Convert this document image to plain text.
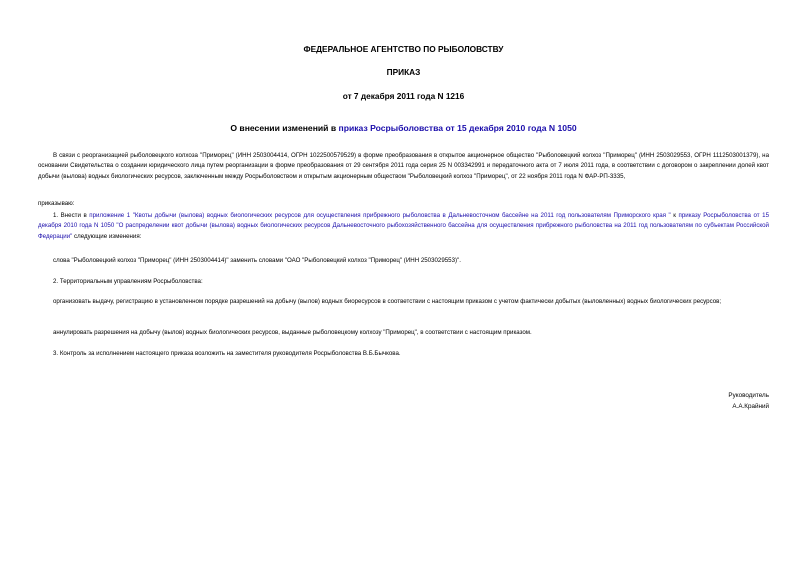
ФЕДЕРАЛЬНОЕ АГЕНТСТВО ПО РЫБОЛОВСТВУ
ПРИКАЗ
от 7 декабря 2011 года N 1216
О внесении изменений в приказ Росрыболовства от 15 декабря 2010 года N 1050
В связи с реорганизацией рыболовецкого колхоза "Приморец" (ИНН 2503004414, ОГРН 1022500579529) в форме преобразования в открытое акционерное общество "Рыболовецкий колхоз "Приморец" (ИНН 2503029553, ОГРН 1112503001379), на основании Свидетельства о создании юридического лица путем реорганизации в форме преобразования от 29 сентября 2011 года серия 25 N 003342991 и передаточного акта от 7 июля 2011 года, в соответствии с договором о закреплении долей квот добычи (вылова) водных биологических ресурсов, заключенным между Росрыболовством и открытым акционерным обществом "Рыболовецкий колхоз "Приморец", от 22 ноября 2011 года N ФАР-РП-3335,
приказываю:
1. Внести в приложение 1 "Квоты добычи (вылова) водных биологических ресурсов для осуществления прибрежного рыболовства в Дальневосточном бассейне на 2011 год пользователям Приморского края " к приказу Росрыболовства от 15 декабря 2010 года N 1050 "О распределении квот добычи (вылова) водных биологических ресурсов Дальневосточного рыбохозяйственного бассейна для осуществления прибрежного рыболовства на 2011 год пользователям по субъектам Российской Федерации" следующие изменения:
слова "Рыболовецкий колхоз "Приморец" (ИНН 2503004414)" заменить словами "ОАО "Рыболовецкий колхоз "Приморец" (ИНН 2503029553)".
2. Территориальным управлениям Росрыболовства:
организовать выдачу, регистрацию в установленном порядке разрешений на добычу (вылов) водных биоресурсов в соответствии с настоящим приказом с учетом фактически добытых (выловленных) водных биологических ресурсов;
аннулировать разрешения на добычу (вылов) водных биологических ресурсов, выданные рыболовецкому колхозу "Приморец", в соответствии с настоящим приказом.
3. Контроль за исполнением настоящего приказа возложить на заместителя руководителя Росрыболовства В.Б.Бычкова.
Руководитель
А.А.Крайний
